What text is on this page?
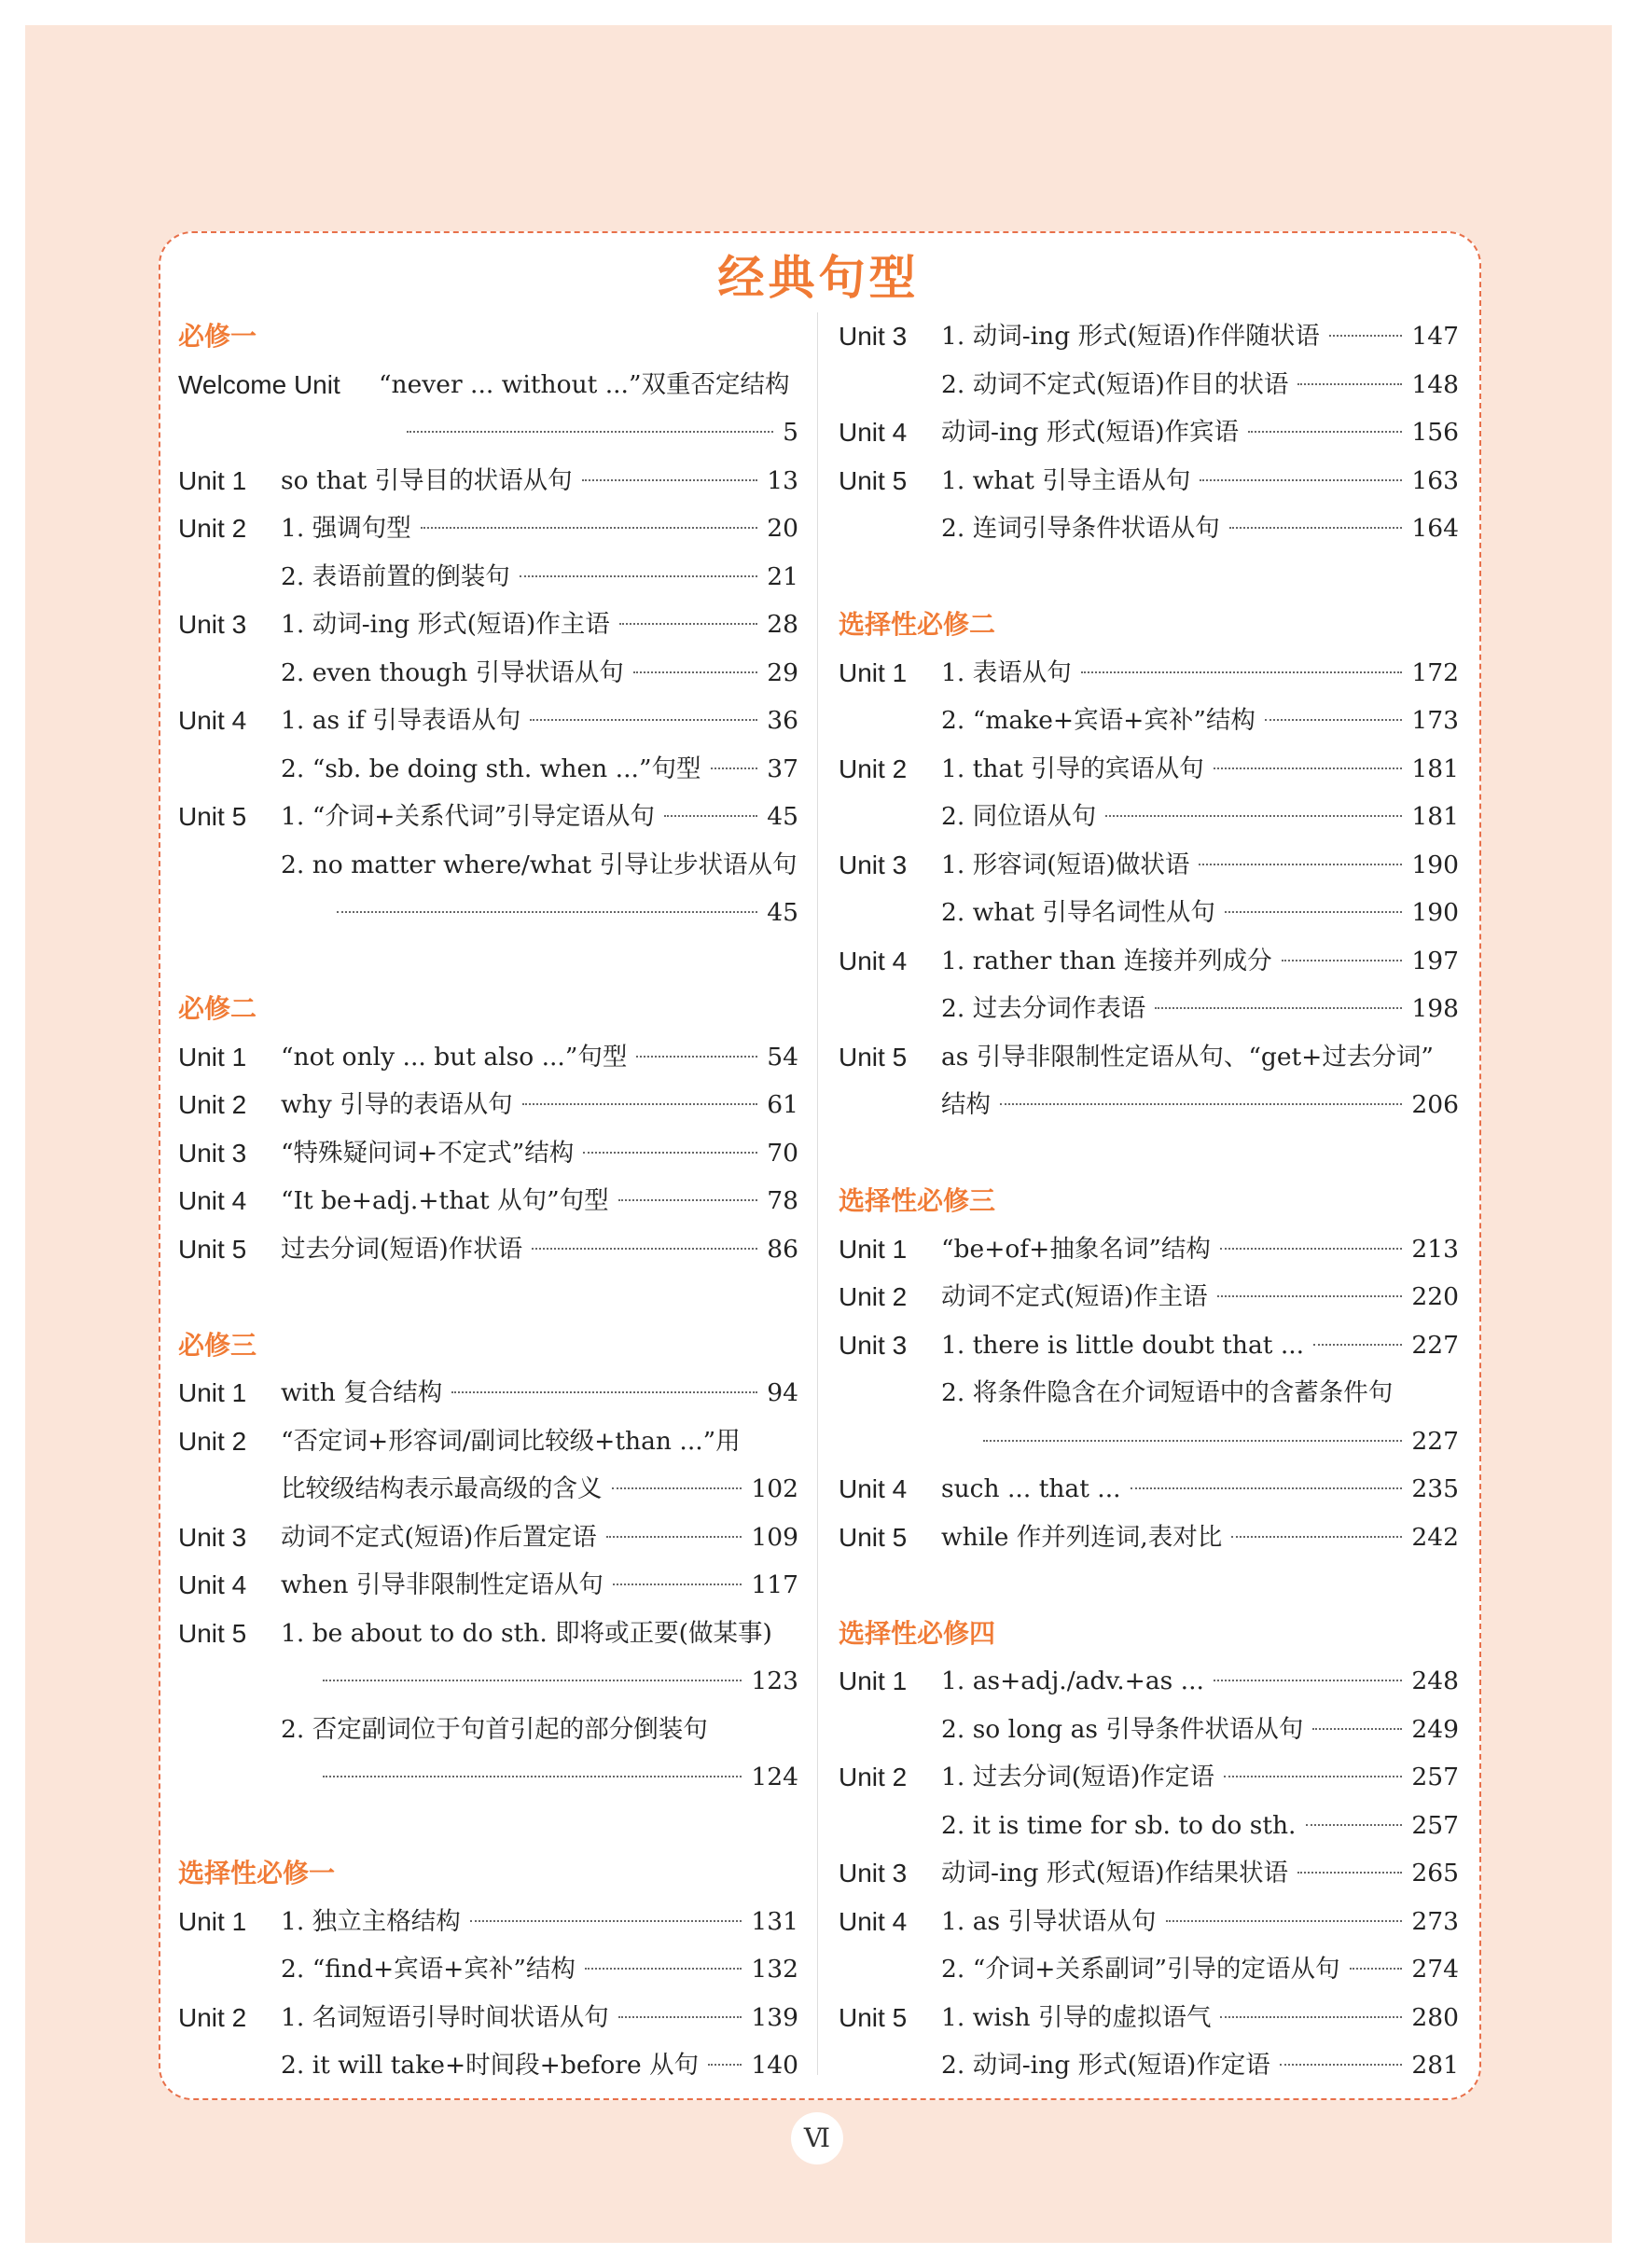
经典句型
必修一
Welcome Unit “never ... without ...”双重否定结构
5
Unit 1 so that 引导目的状语从句	13
Unit 2 1. 强调句型	20
2. 表语前置的倒装句	21
Unit 3 1. 动词-ing 形式(短语)作主语	28
2. even though 引导状语从句	29
Unit 4 1. as if 引导表语从句	36
2. “sb. be doing sth. when ...”句型	37
Unit 5 1. “介词+关系代词”引导定语从句	45
2. no matter where/what 引导让步状语从句
45
必修二
Unit 1 “not only ... but also ...”句型	54
Unit 2 why 引导的表语从句	61
Unit 3 “特殊疑问词+不定式”结构	70
Unit 4 “It be+adj.+that 从句”句型	78
Unit 5 过去分词(短语)作状语	86
必修三
Unit 1 with 复合结构	94
Unit 2 “否定词+形容词/副词比较级+than ...”用
比较级结构表示最高级的含义	102
Unit 3 动词不定式(短语)作后置定语	109
Unit 4 when 引导非限制性定语从句	117
Unit 5 1. be about to do sth. 即将或正要(做某事)
123
2. 否定副词位于句首引起的部分倒装句
124
选择性必修一
Unit 1 1. 独立主格结构	131
2. “find+宾语+宾补”结构	132
Unit 2 1. 名词短语引导时间状语从句	139
2. it will take+时间段+before 从句 140
Unit 3 1. 动词-ing 形式(短语)作伴随状语	147
2. 动词不定式(短语)作目的状语	148
Unit 4 动词-ing 形式(短语)作宾语	156
Unit 5 1. what 引导主语从句	163
2. 连词引导条件状语从句	164
选择性必修二
Unit 1 1. 表语从句	172
2. “make+宾语+宾补”结构	173
Unit 2 1. that 引导的宾语从句	181
2. 同位语从句	181
Unit 3 1. 形容词(短语)做状语	190
2. what 引导名词性从句	190
Unit 4 1. rather than 连接并列成分	197
2. 过去分词作表语	198
Unit 5 as 引导非限制性定语从句、“get+过去分词”
结构	206
选择性必修三
Unit 1 “be+of+抽象名词”结构	213
Unit 2 动词不定式(短语)作主语	220
Unit 3 1. there is little doubt that ...	227
2. 将条件隐含在介词短语中的含蓄条件句
227
Unit 4 such ... that ...	235
Unit 5 while 作并列连词,表对比	242
选择性必修四
Unit 1 1. as+adj./adv.+as ...	248
2. so long as 引导条件状语从句	249
Unit 2 1. 过去分词(短语)作定语	257
2. it is time for sb. to do sth.	257
Unit 3 动词-ing 形式(短语)作结果状语	265
Unit 4 1. as 引导状语从句	273
2. “介词+关系副词”引导的定语从句	274
Unit 5 1. wish 引导的虚拟语气	280
2. 动词-ing 形式(短语)作定语	281
Ⅵ
